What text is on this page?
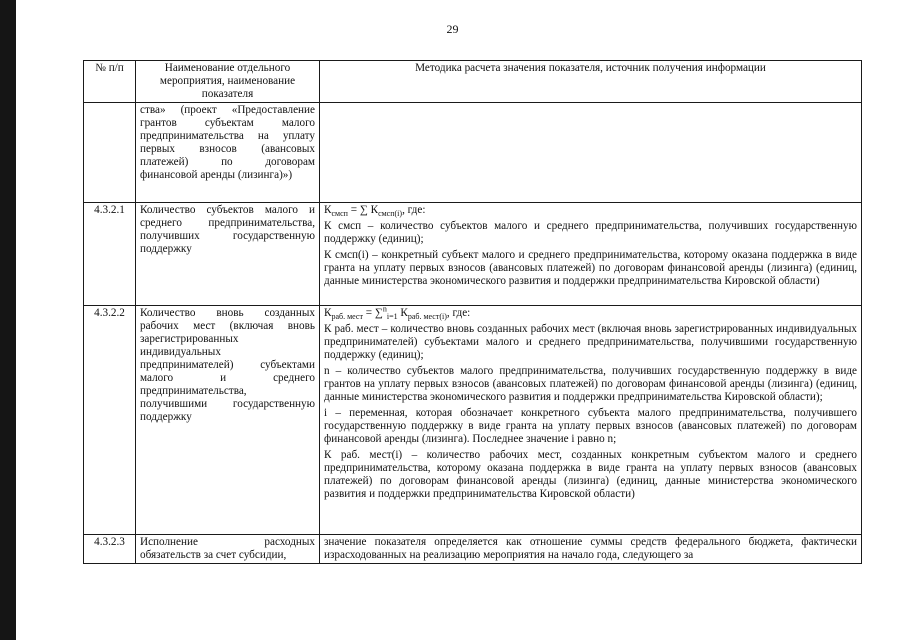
29
№ п/п	Наименование отдельного мероприятия, наименование показателя	Методика расчета значения показателя, источник получения информации
	ства» (проект «Предоставление грантов субъектам малого предпринимательства на уплату первых взносов (авансовых платежей) по договорам финансовой аренды (лизинга)»)	
4.3.2.1	Количество субъектов малого и среднего предпринимательства, получивших государственную поддержку	$К_{смсп}$ = ∑ $К_{смсп(i)}$, где:

К смсп – количество субъектов малого и среднего предпринимательства, получивших государственную поддержку (единиц);

К смсп(i) – конкретный субъект малого и среднего предпринимательства, которому оказана поддержка в виде гранта на уплату первых взносов (авансовых платежей) по договорам финансовой аренды (лизинга) (единиц, данные министерства экономического развития и поддержки предпринимательства Кировской области)

4.3.2.2	Количество вновь созданных рабочих мест (включая вновь зарегистрированных индивидуальных предпринимателей) субъектами малого и среднего предпринимательства, получившими государственную поддержку	$К_{раб. мест} = \sum^n_{i=1}$ $К_{раб. мест(i)}$, где:

К раб. мест – количество вновь созданных рабочих мест (включая вновь зарегистрированных индивидуальных предпринимателей) субъектами малого и среднего предпринимательства, получившими государственную поддержку (единиц);

n – количество субъектов малого предпринимательства, получивших государственную поддержку в виде грантов на уплату первых взносов (авансовых платежей) по договорам финансовой аренды (лизинга) (единиц, данные министерства экономического развития и поддержки предпринимательства Кировской области);

i – переменная, которая обозначает конкретного субъекта малого предпринимательства, получившего государственную поддержку в виде гранта на уплату первых взносов (авансовых платежей) по договорам финансовой аренды (лизинга). Последнее значение i равно n;

К раб. мест(i) – количество рабочих мест, созданных конкретным субъектом малого и среднего предпринимательства, которому оказана поддержка в виде гранта на уплату первых взносов (авансовых платежей) по договорам финансовой аренды (лизинга) (единиц, данные министерства экономического развития и поддержки предпринимательства Кировской области)

4.3.2.3	Исполнение расходных обязательств за счет субсидии,	значение показателя определяется как отношение суммы средств федерального бюджета, фактически израсходованных на реализацию мероприятия на начало года, следующего за
